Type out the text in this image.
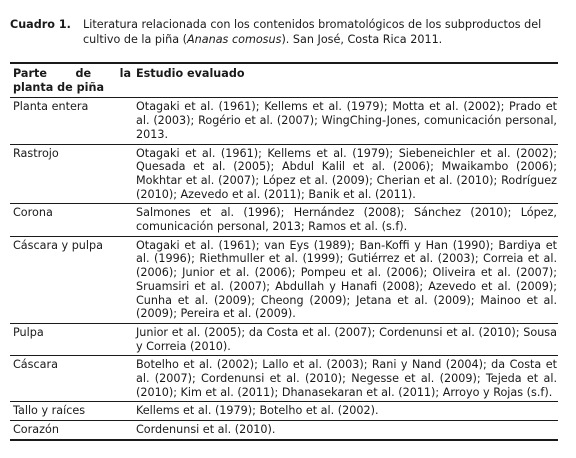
Cuadro 1.	Literatura relacionada con los contenidos bromatológicos de los subproductos del cultivo de la piña (Ananas comosus). San José, Costa Rica 2011.
Parte de la
planta de piña	Estudio evaluado
Planta entera	Otagaki et al. (1961); Kellems et al. (1979); Motta et al. (2002); Prado et al. (2003); Rogério et al. (2007); WingChing-Jones, comunicación personal, 2013.
Rastrojo	Otagaki et al. (1961); Kellems et al. (1979); Siebeneichler et al. (2002); Quesada et al. (2005); Abdul Kalil et al. (2006); Mwaikambo (2006); Mokhtar et al. (2007); López et al. (2009); Cherian et al. (2010); Rodríguez (2010); Azevedo et al. (2011); Banik et al. (2011).
Corona	Salmones et al. (1996); Hernández (2008); Sánchez (2010); López, comunicación personal, 2013; Ramos et al. (s.f).
Cáscara y pulpa	Otagaki et al. (1961); van Eys (1989); Ban-Koffi y Han (1990); Bardiya et al. (1996); Riethmuller et al. (1999); Gutiérrez et al. (2003); Correia et al. (2006); Junior et al. (2006); Pompeu et al. (2006); Oliveira et al. (2007); Sruamsiri et al. (2007); Abdullah y Hanafi (2008); Azevedo et al. (2009); Cunha et al. (2009); Cheong (2009); Jetana et al. (2009); Mainoo et al. (2009); Pereira et al. (2009).
Pulpa	Junior et al. (2005); da Costa et al. (2007); Cordenunsi et al. (2010); Sousa y Correia (2010).
Cáscara	Botelho et al. (2002); Lallo et al. (2003); Rani y Nand (2004); da Costa et al. (2007); Cordenunsi et al. (2010); Negesse et al. (2009); Tejeda et al. (2010); Kim et al. (2011); Dhanasekaran et al. (2011); Arroyo y Rojas (s.f).
Tallo y raíces	Kellems et al. (1979); Botelho et al. (2002).
Corazón	Cordenunsi et al. (2010).
